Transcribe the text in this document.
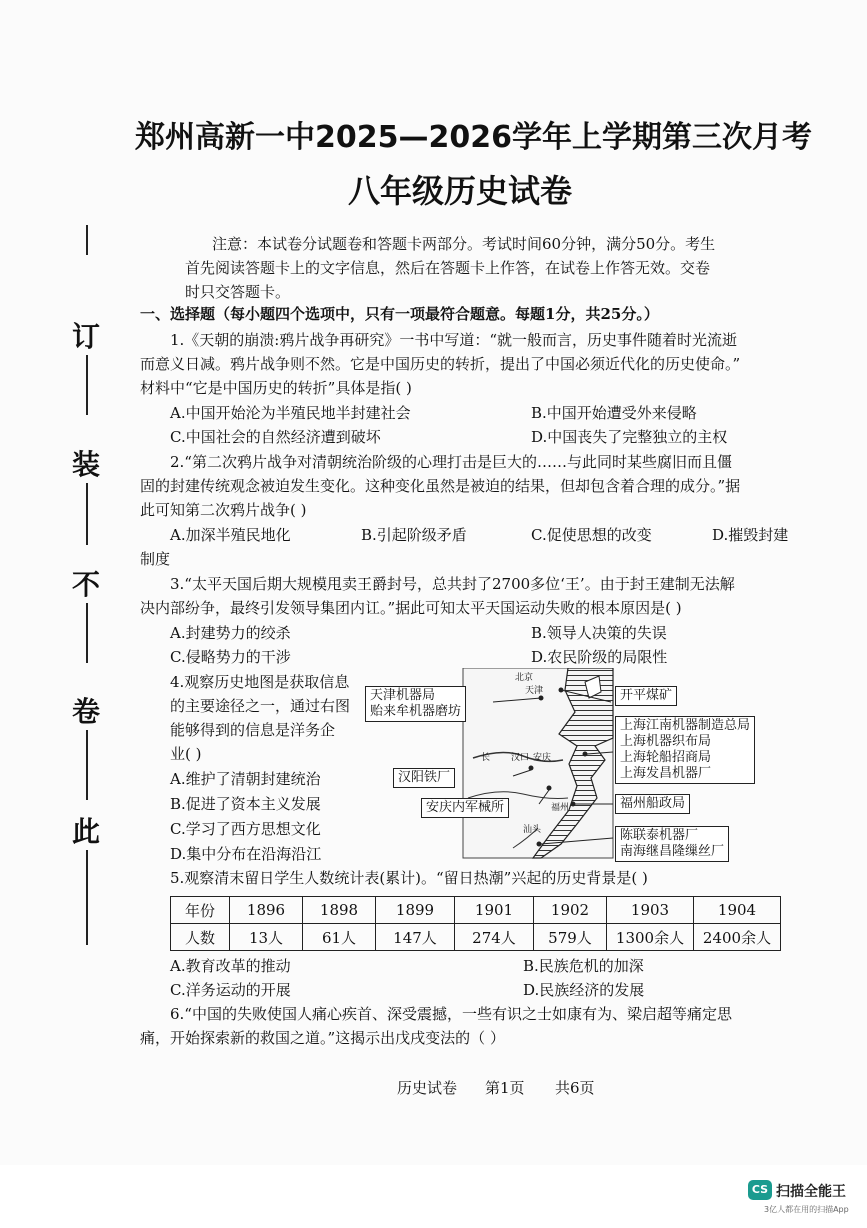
郑州高新一中2025—2026学年上学期第三次月考
八年级历史试卷
注意：本试卷分试题卷和答题卡两部分。考试时间60分钟，满分50分。考生
首先阅读答题卡上的文字信息，然后在答题卡上作答，在试卷上作答无效。交卷
时只交答题卡。
订
装
不
卷
此
一、选择题（每小题四个选项中，只有一项最符合题意。每题1分，共25分。）
1.《天朝的崩溃:鸦片战争再研究》一书中写道：“就一般而言，历史事件随着时光流逝
而意义日减。鸦片战争则不然。它是中国历史的转折，提出了中国必须近代化的历史使命。”
材料中“它是中国历史的转折”具体是指( )
A.中国开始沦为半殖民地半封建社会	B.中国开始遭受外来侵略
C.中国社会的自然经济遭到破坏	D.中国丧失了完整独立的主权
2.“第二次鸦片战争对清朝统治阶级的心理打击是巨大的……与此同时某些腐旧而且僵
固的封建传统观念被迫发生变化。这种变化虽然是被迫的结果，但却包含着合理的成分。”据
此可知第二次鸦片战争( )
A.加深半殖民地化	B.引起阶级矛盾	C.促使思想的改变	D.摧毁封建
制度
3.“太平天国后期大规模甩卖王爵封号，总共封了2700多位‘王’。由于封王建制无法解
决内部纷争，最终引发领导集团内讧。”据此可知太平天国运动失败的根本原因是( )
A.封建势力的绞杀	B.领导人决策的失误
C.侵略势力的干涉	D.农民阶级的局限性
4.观察历史地图是获取信息
的主要途径之一，通过右图
能够得到的信息是洋务企
业( )
A.维护了清朝封建统治
B.促进了资本主义发展
C.学习了西方思想文化
D.集中分布在沿海沿江
北京
天津
汉口 安庆
福州
汕头
长
天津机器局
贻来牟机器磨坊
开平煤矿
上海江南机器制造总局
上海机器织布局
上海轮船招商局
上海发昌机器厂
汉阳铁厂
福州船政局
安庆内军械所
陈联泰机器厂
南海继昌隆缫丝厂
5.观察清末留日学生人数统计表(累计)。“留日热潮”兴起的历史背景是( )
年份	1896	1898	1899	1901	1902	1903	1904
人数	13人	61人	147人	274人	579人	1300余人	2400余人
A.教育改革的推动	B.民族危机的加深
C.洋务运动的开展	D.民族经济的发展
6.“中国的失败使国人痛心疾首、深受震撼，一些有识之士如康有为、梁启超等痛定思
痛，开始探索新的救国之道。”这揭示出戊戌变法的（ ）
历史试卷 第1页 共6页
CS 扫描全能王
3亿人都在用的扫描App
